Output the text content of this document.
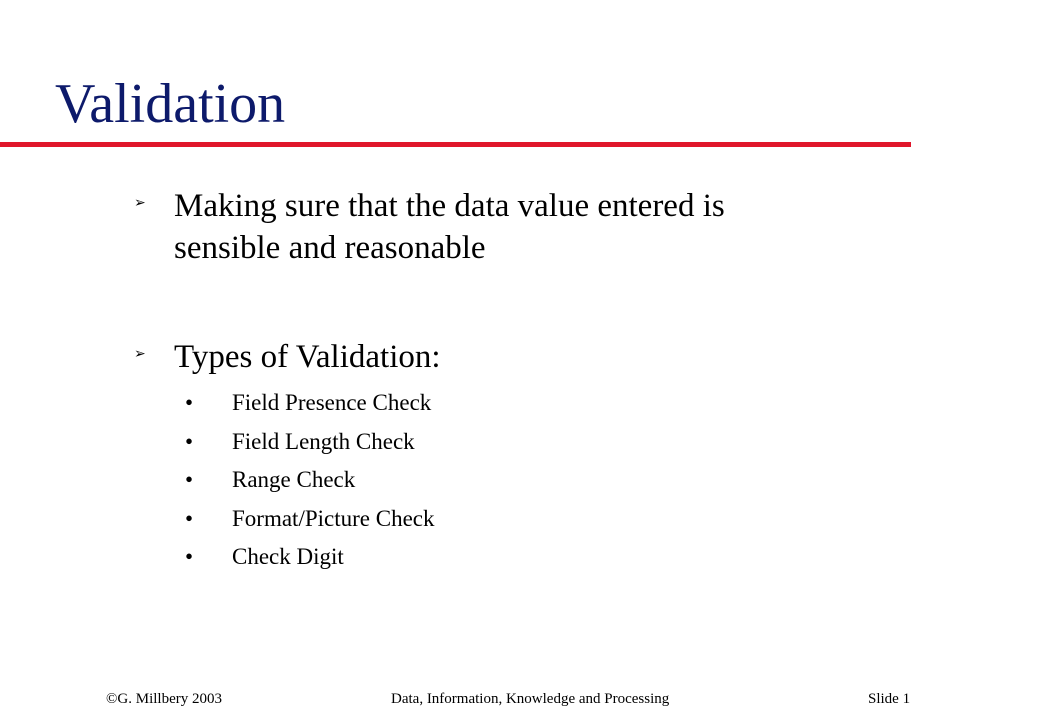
Validation
➢ Making sure that the data value entered is sensible and reasonable
➢ Types of Validation:
• Field Presence Check
• Field Length Check
• Range Check
• Format/Picture Check
• Check Digit
©G. Millbery 2003	Data, Information, Knowledge and Processing	Slide 1
